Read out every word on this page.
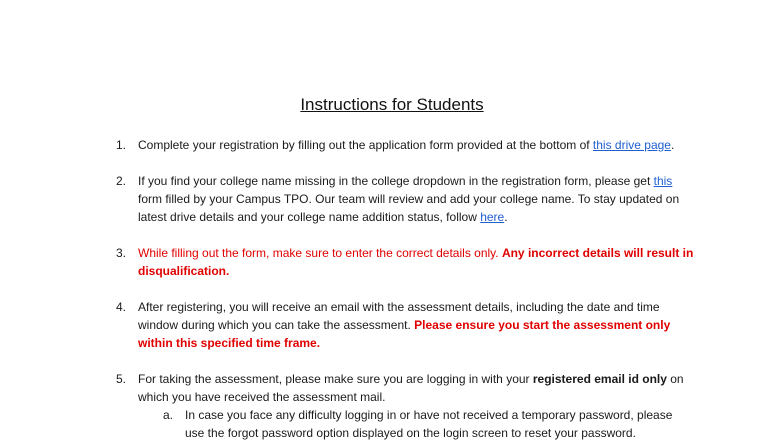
Instructions for Students
1. Complete your registration by filling out the application form provided at the bottom of this drive page.
2. If you find your college name missing in the college dropdown in the registration form, please get this form filled by your Campus TPO. Our team will review and add your college name. To stay updated on latest drive details and your college name addition status, follow here.
3. While filling out the form, make sure to enter the correct details only. Any incorrect details will result in disqualification.
4. After registering, you will receive an email with the assessment details, including the date and time window during which you can take the assessment. Please ensure you start the assessment only within this specified time frame.
5. For taking the assessment, please make sure you are logging in with your registered email id only on which you have received the assessment mail.
a. In case you face any difficulty logging in or have not received a temporary password, please use the forgot password option displayed on the login screen to reset your password.
